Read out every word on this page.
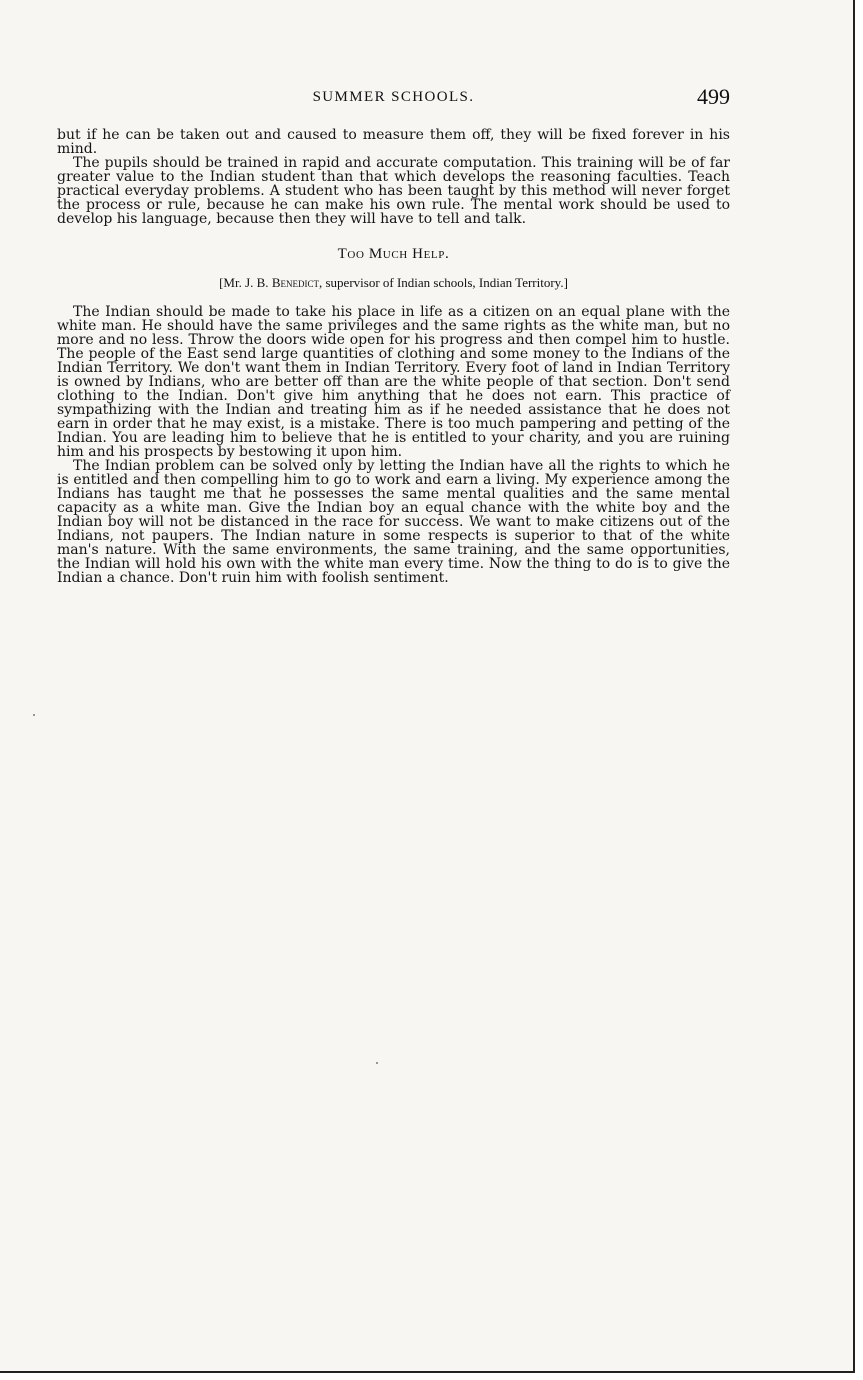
SUMMER SCHOOLS.	499

but if he can be taken out and caused to measure them off, they will be fixed forever in his mind.

The pupils should be trained in rapid and accurate computation. This training will be of far greater value to the Indian student than that which develops the reasoning faculties. Teach practical everyday problems. A student who has been taught by this method will never forget the process or rule, because he can make his own rule. The mental work should be used to develop his language, because then they will have to tell and talk.

Too Much Help.
[Mr. J. B. Benedict, supervisor of Indian schools, Indian Territory.]

The Indian should be made to take his place in life as a citizen on an equal plane with the white man. He should have the same privileges and the same rights as the white man, but no more and no less. Throw the doors wide open for his progress and then compel him to hustle. The people of the East send large quantities of clothing and some money to the Indians of the Indian Territory. We don't want them in Indian Territory. Every foot of land in Indian Territory is owned by Indians, who are better off than are the white people of that section. Don't send clothing to the Indian. Don't give him anything that he does not earn. This practice of sympathizing with the Indian and treating him as if he needed assistance that he does not earn in order that he may exist, is a mistake. There is too much pampering and petting of the Indian. You are leading him to believe that he is entitled to your charity, and you are ruining him and his prospects by bestowing it upon him.

The Indian problem can be solved only by letting the Indian have all the rights to which he is entitled and then compelling him to go to work and earn a living. My experience among the Indians has taught me that he possesses the same mental qualities and the same mental capacity as a white man. Give the Indian boy an equal chance with the white boy and the Indian boy will not be distanced in the race for success. We want to make citizens out of the Indians, not paupers. The Indian nature in some respects is superior to that of the white man's nature. With the same environments, the same training, and the same opportunities, the Indian will hold his own with the white man every time. Now the thing to do is to give the Indian a chance. Don't ruin him with foolish sentiment.
